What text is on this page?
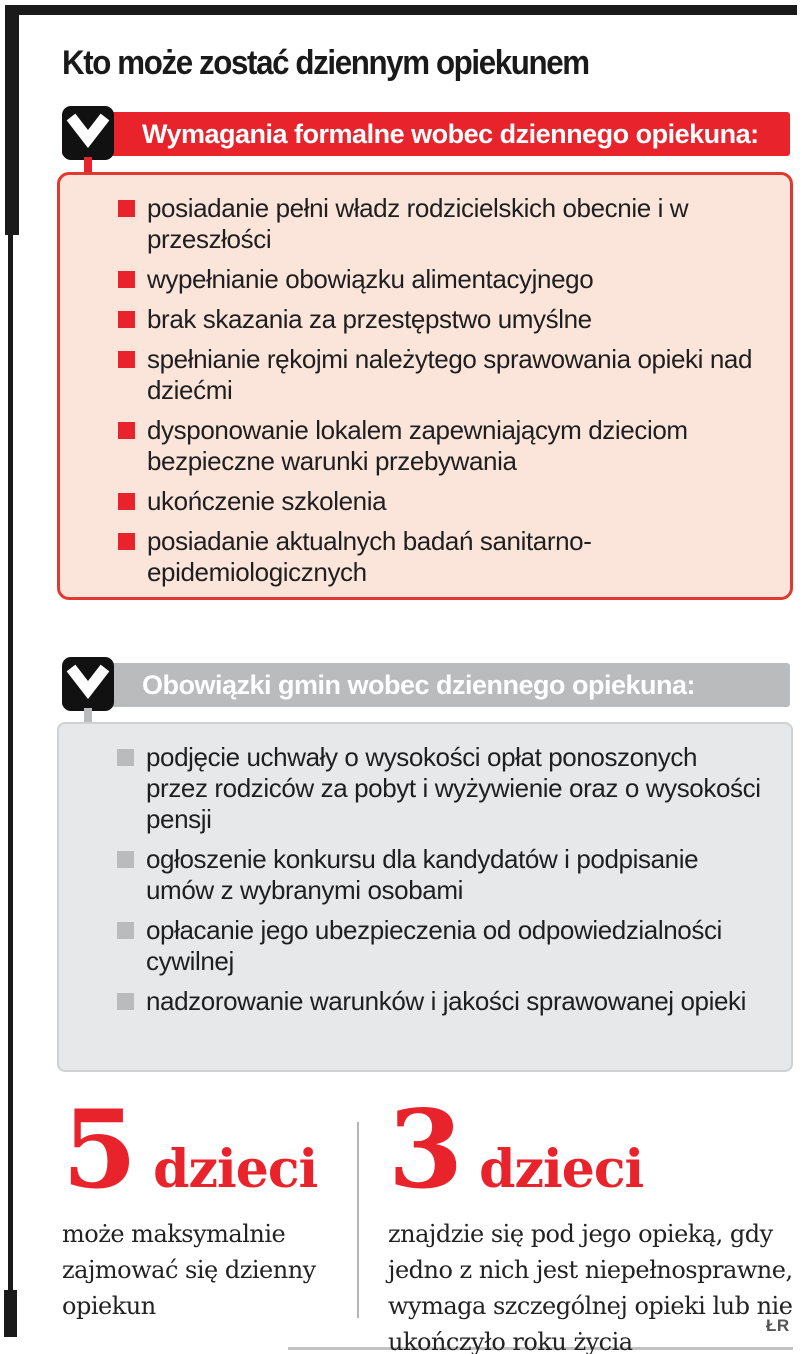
Kto może zostać dziennym opiekunem
Wymagania formalne wobec dziennego opiekuna:
posiadanie pełni władz rodzicielskich obecnie i w przeszłości
wypełnianie obowiązku alimentacyjnego
brak skazania za przestępstwo umyślne
spełnianie rękojmi należytego sprawowania opieki nad dziećmi
dysponowanie lokalem zapewniającym dzieciom bezpieczne warunki przebywania
ukończenie szkolenia
posiadanie aktualnych badań sanitarno-epidemiologicznych
Obowiązki gmin wobec dziennego opiekuna:
podjęcie uchwały o wysokości opłat ponoszonych przez rodziców za pobyt i wyżywienie oraz o wysokości pensji
ogłoszenie konkursu dla kandydatów i podpisanie umów z wybranymi osobami
opłacanie jego ubezpieczenia od odpowiedzialności cywilnej
nadzorowanie warunków i jakości sprawowanej opieki
5 dzieci
może maksymalnie zajmować się dzienny opiekun
3 dzieci
znajdzie się pod jego opieką, gdy jedno z nich jest niepełnosprawne, wymaga szczególnej opieki lub nie ukończyło roku życia
ŁR
